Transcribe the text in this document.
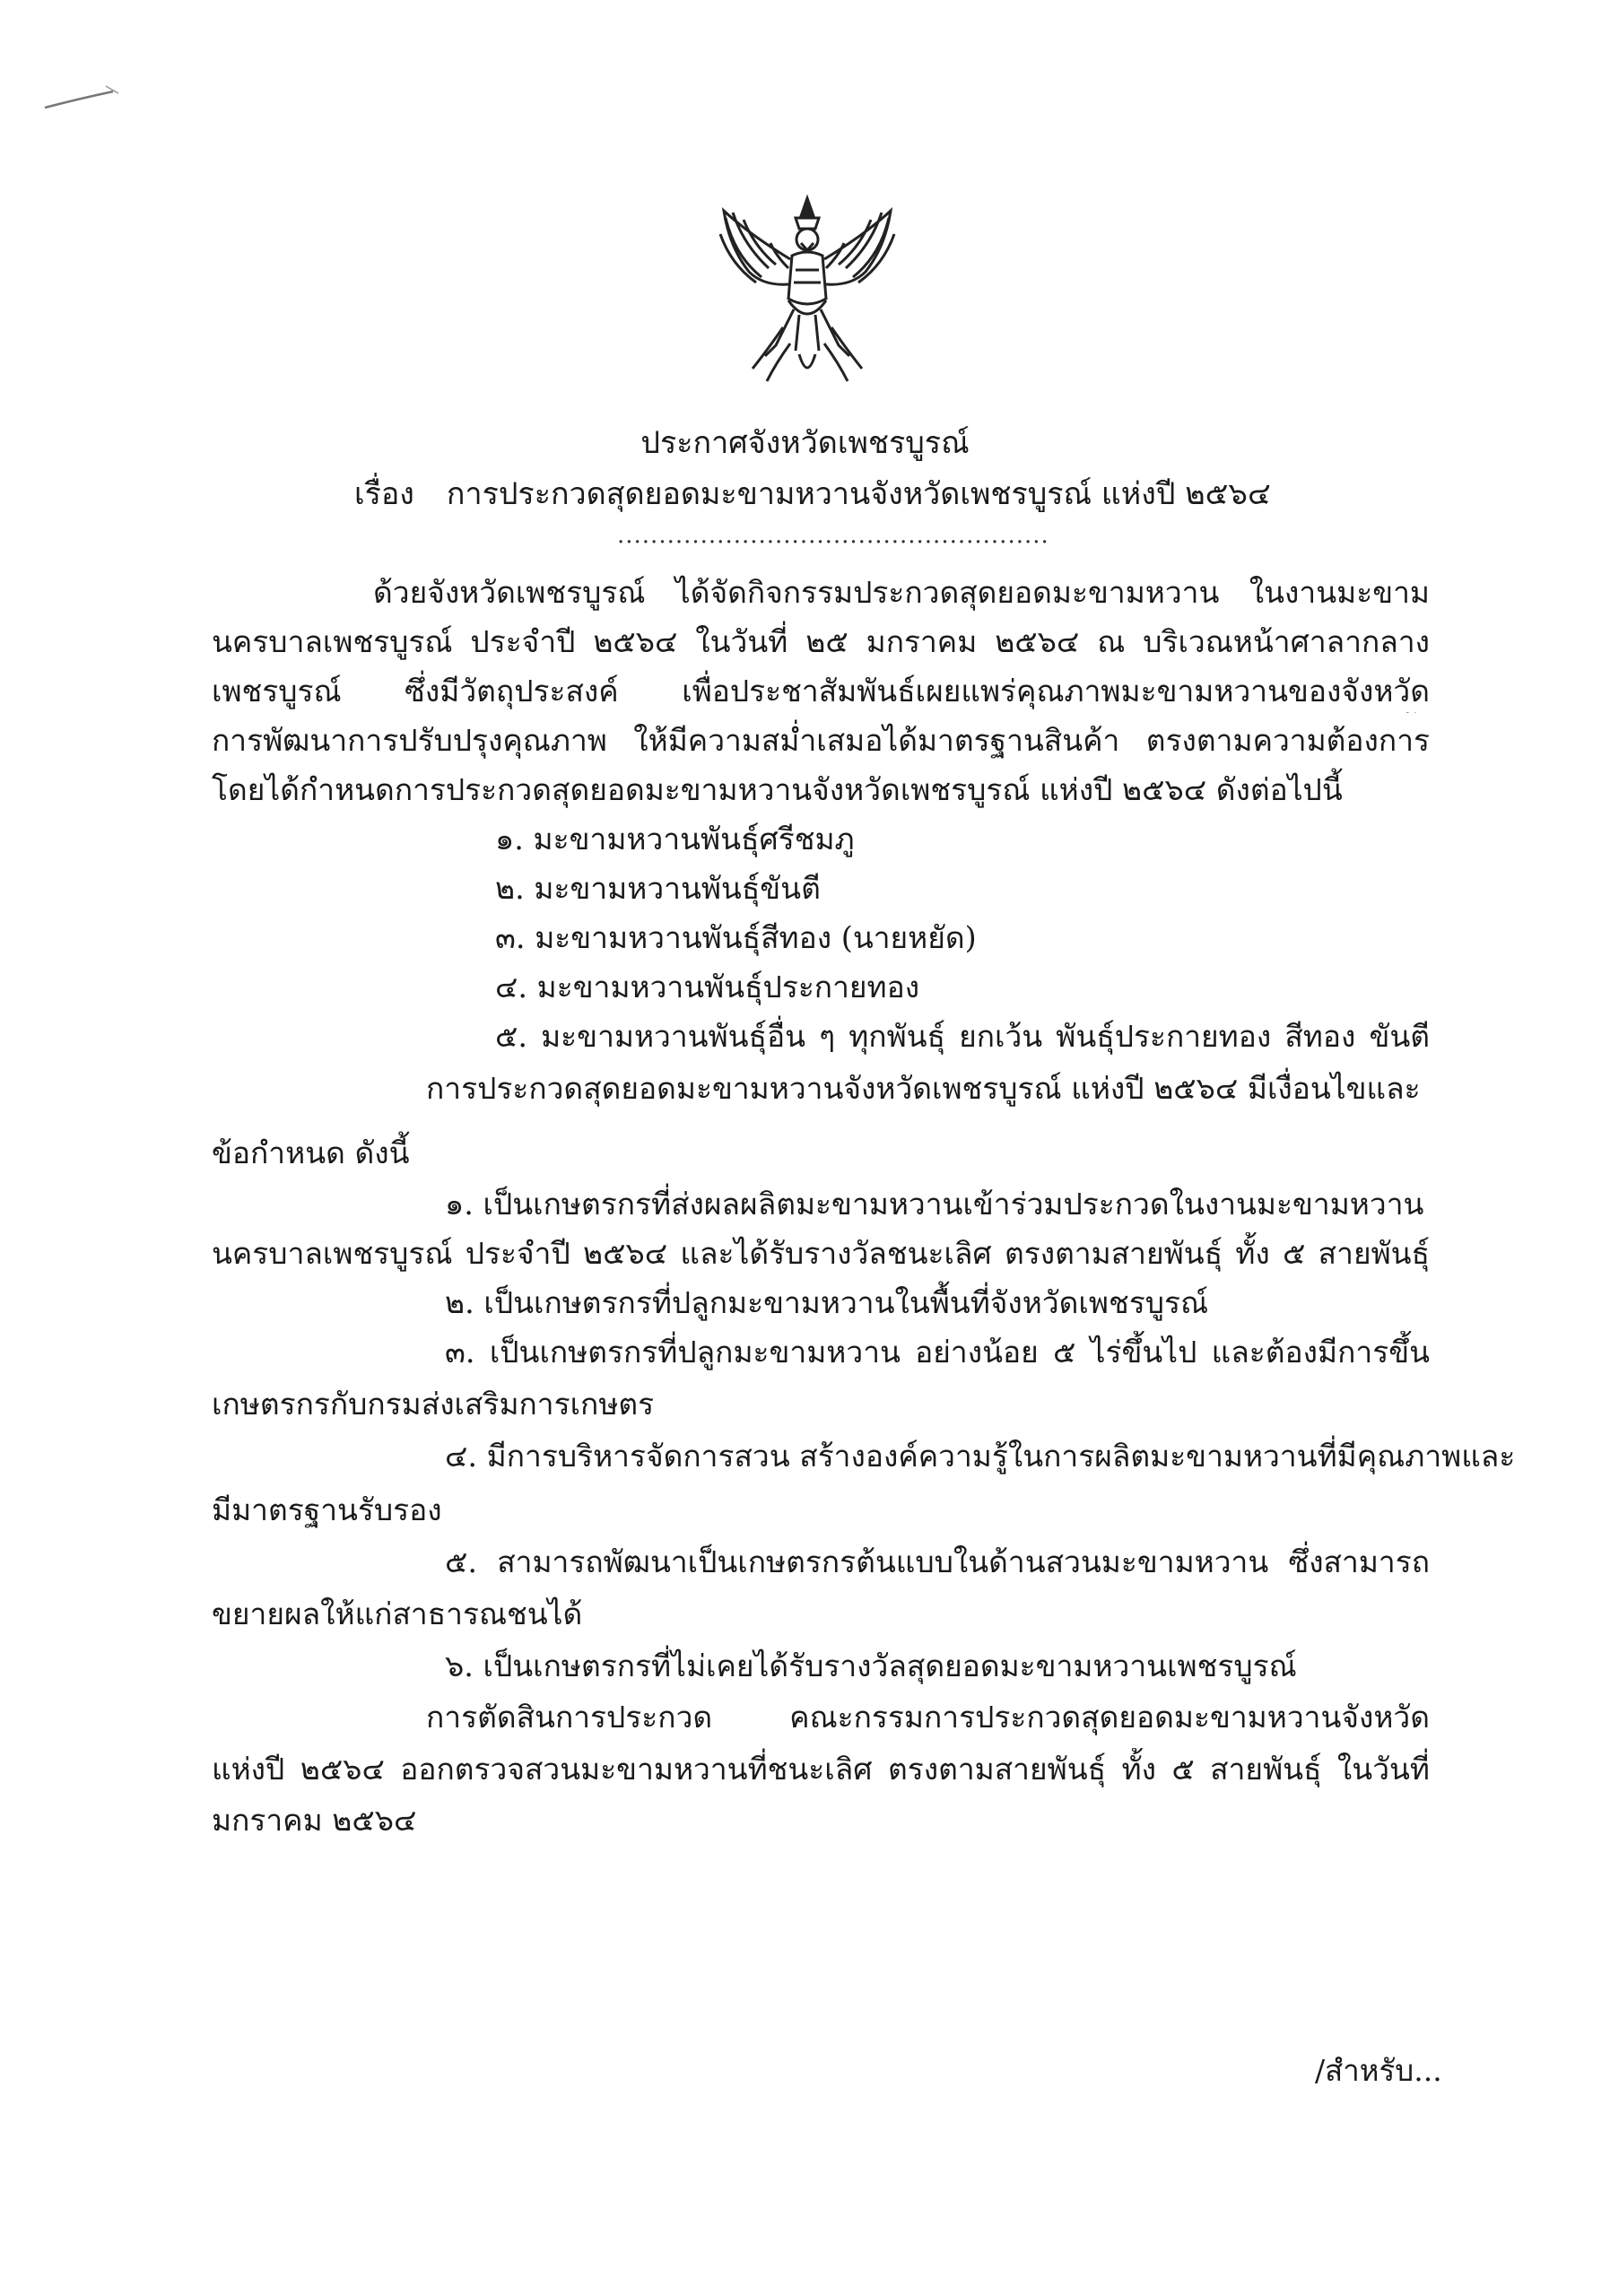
ประกาศจังหวัดเพชรบูรณ์
เรื่อง การประกวดสุดยอดมะขามหวานจังหวัดเพชรบูรณ์ แห่งปี ๒๕๖๔
....................................................
ด้วยจังหวัดเพชรบูรณ์ ได้จัดกิจกรรมประกวดสุดยอดมะขามหวาน ในงานมะขาม
นครบาลเพชรบูรณ์ ประจำปี ๒๕๖๔ ในวันที่ ๒๕ มกราคม ๒๕๖๔ ณ บริเวณหน้าศาลากลาง
เพชรบูรณ์ ซึ่งมีวัตถุประสงค์ เพื่อประชาสัมพันธ์เผยแพร่คุณภาพมะขามหวานของจังหวัด
การพัฒนาการปรับปรุงคุณภาพ ให้มีความสม่ำเสมอได้มาตรฐานสินค้า ตรงตามความต้องการ
โดยได้กำหนดการประกวดสุดยอดมะขามหวานจังหวัดเพชรบูรณ์ แห่งปี ๒๕๖๔ ดังต่อไปนี้
๑. มะขามหวานพันธุ์ศรีชมภู
๒. มะขามหวานพันธุ์ขันตี
๓. มะขามหวานพันธุ์สีทอง (นายหยัด)
๔. มะขามหวานพันธุ์ประกายทอง
๕. มะขามหวานพันธุ์อื่น ๆ ทุกพันธุ์ ยกเว้น พันธุ์ประกายทอง สีทอง ขันตี
การประกวดสุดยอดมะขามหวานจังหวัดเพชรบูรณ์ แห่งปี ๒๕๖๔ มีเงื่อนไขและ
ข้อกำหนด ดังนี้
๑. เป็นเกษตรกรที่ส่งผลผลิตมะขามหวานเข้าร่วมประกวดในงานมะขามหวาน
นครบาลเพชรบูรณ์ ประจำปี ๒๕๖๔ และได้รับรางวัลชนะเลิศ ตรงตามสายพันธุ์ ทั้ง ๕ สายพันธุ์
๒. เป็นเกษตรกรที่ปลูกมะขามหวานในพื้นที่จังหวัดเพชรบูรณ์
๓. เป็นเกษตรกรที่ปลูกมะขามหวาน อย่างน้อย ๕ ไร่ขึ้นไป และต้องมีการขึ้น
เกษตรกรกับกรมส่งเสริมการเกษตร
๔. มีการบริหารจัดการสวน สร้างองค์ความรู้ในการผลิตมะขามหวานที่มีคุณภาพและ
มีมาตรฐานรับรอง
๕. สามารถพัฒนาเป็นเกษตรกรต้นแบบในด้านสวนมะขามหวาน ซึ่งสามารถ
ขยายผลให้แก่สาธารณชนได้
๖. เป็นเกษตรกรที่ไม่เคยได้รับรางวัลสุดยอดมะขามหวานเพชรบูรณ์
การตัดสินการประกวด คณะกรรมการประกวดสุดยอดมะขามหวานจังหวัด
แห่งปี ๒๕๖๔ ออกตรวจสวนมะขามหวานที่ชนะเลิศ ตรงตามสายพันธุ์ ทั้ง ๕ สายพันธุ์ ในวันที่
มกราคม ๒๕๖๔
/สำหรับ...
